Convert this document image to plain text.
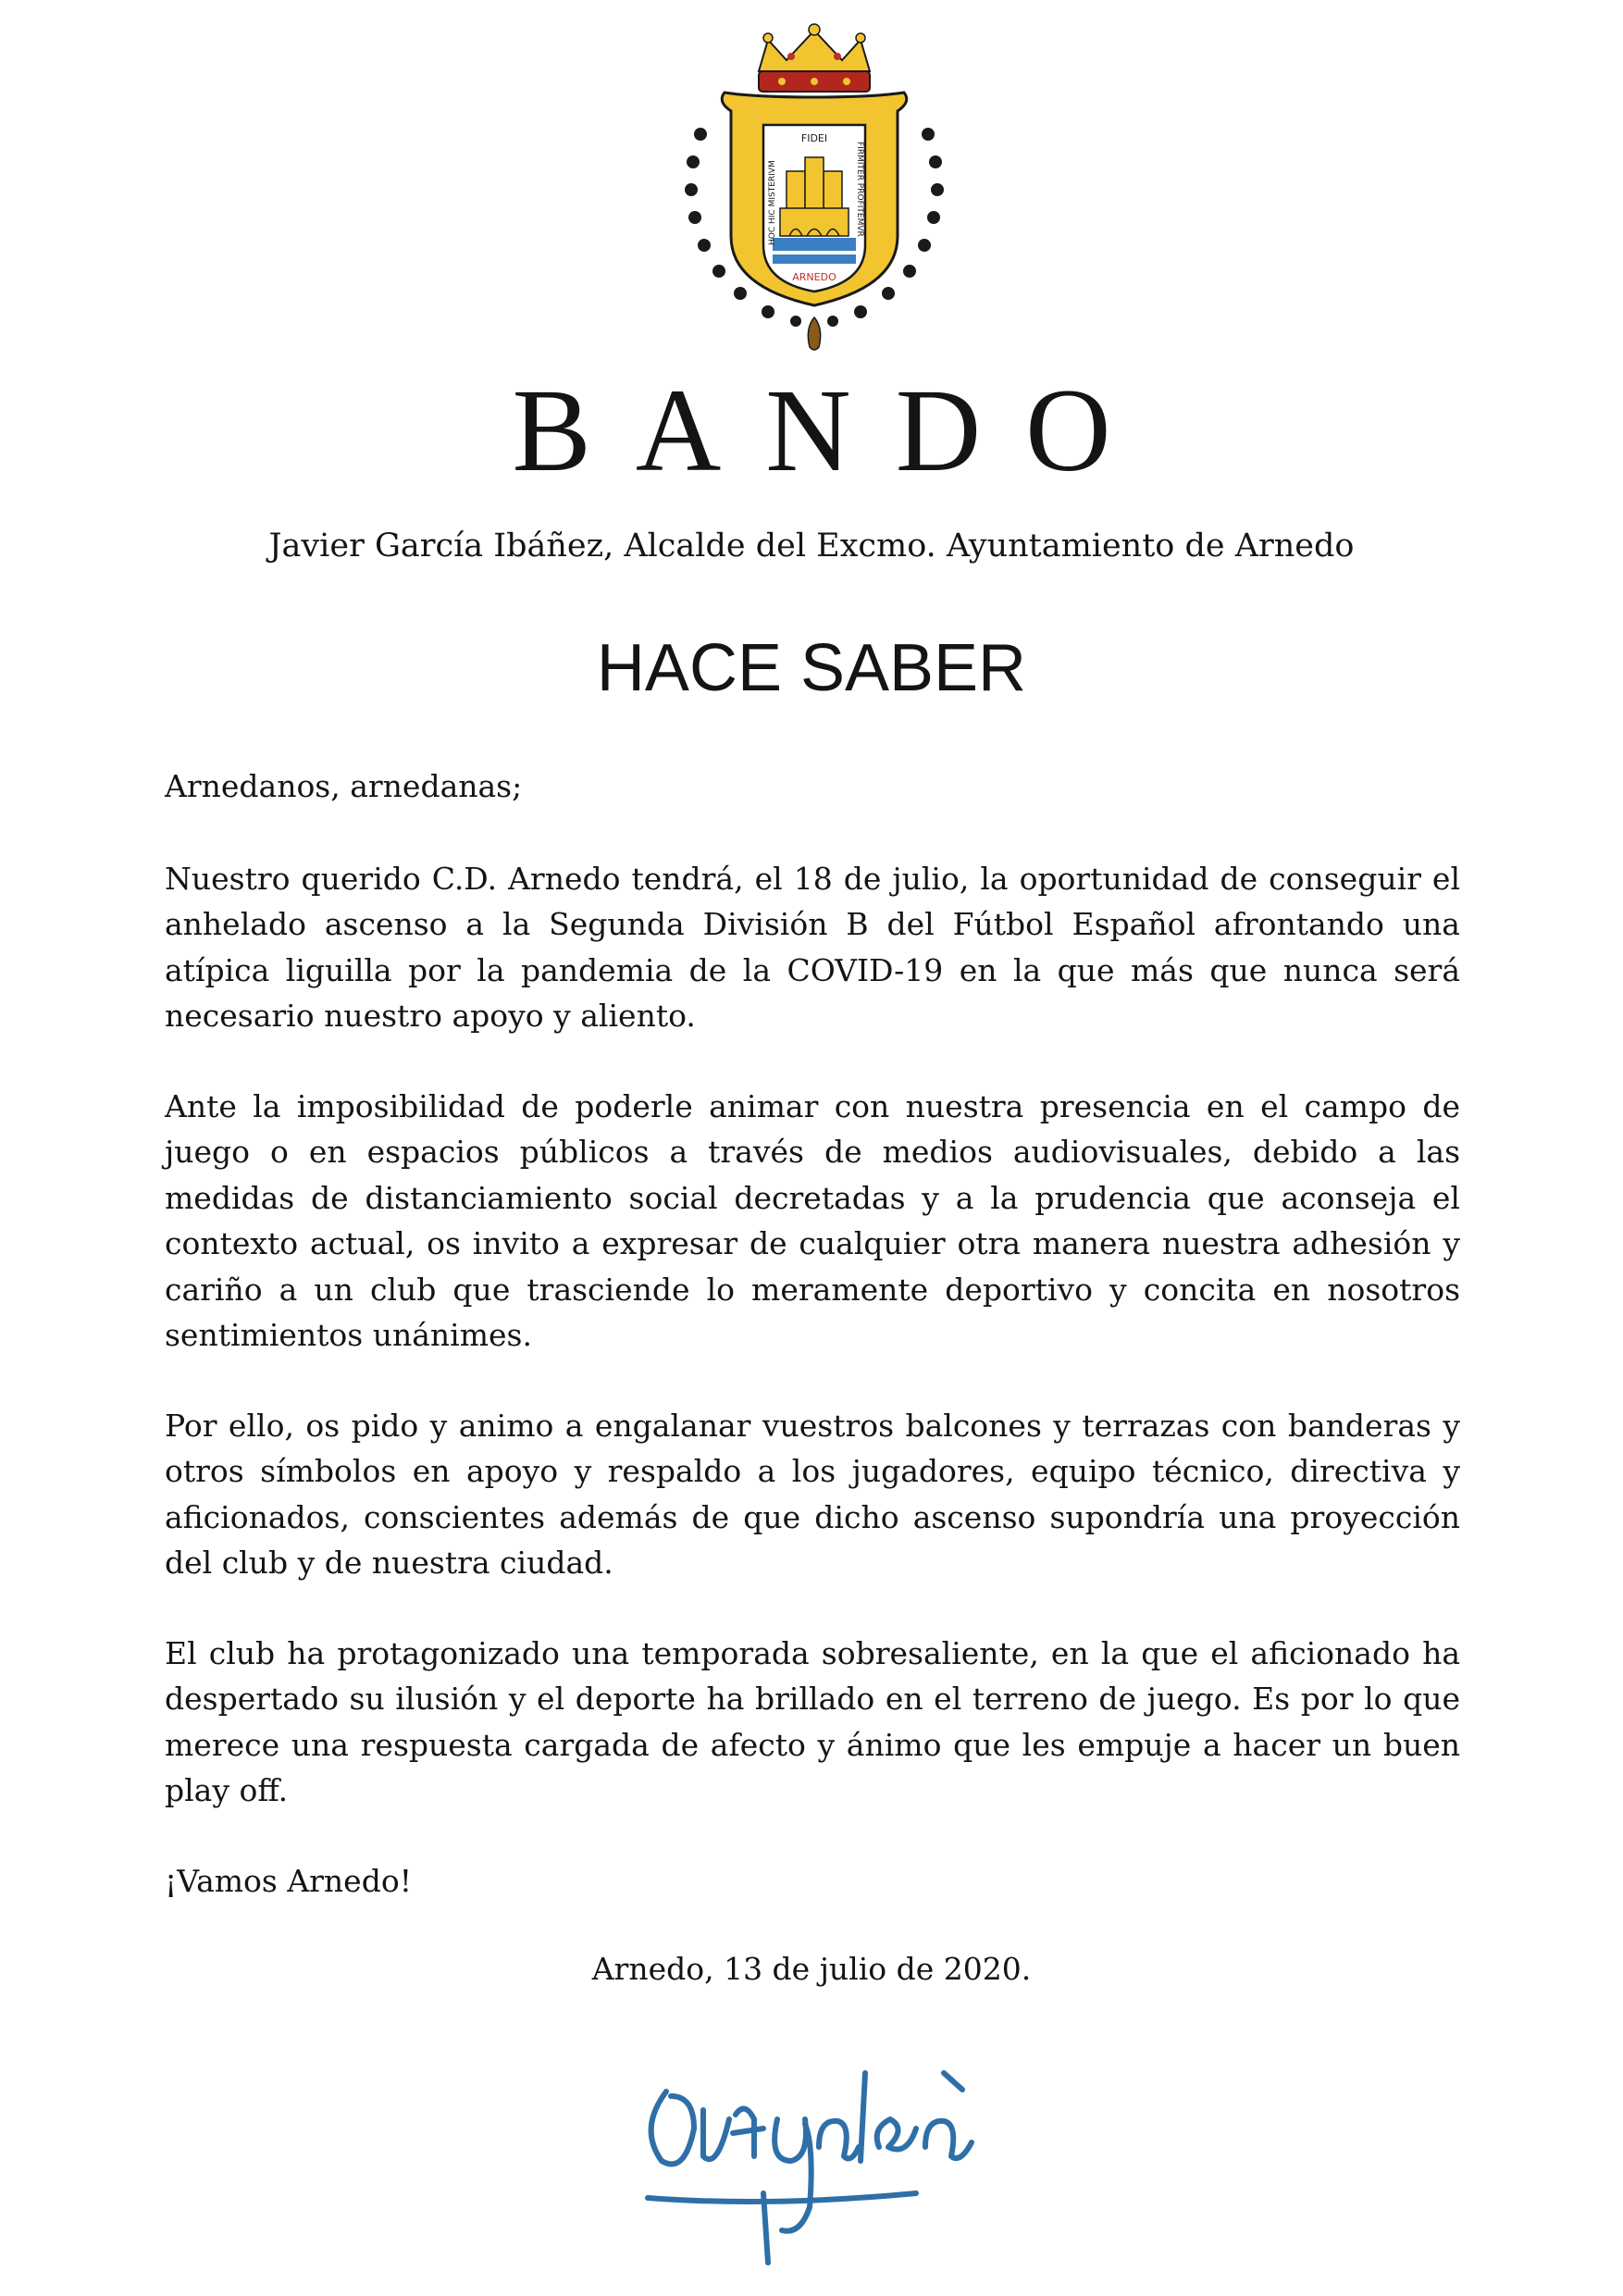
FIDEI
HOC HIC MISTERIVM	FIRMITER PROFITEMVR
ARNEDO
BANDO
Javier García Ibáñez, Alcalde del Excmo. Ayuntamiento de Arnedo
HACE SABER

Arnedanos, arnedanas;

Nuestro querido C.D. Arnedo tendrá, el 18 de julio, la oportunidad de conseguir el anhelado ascenso a la Segunda División B del Fútbol Español afrontando una atípica liguilla por la pandemia de la COVID-19 en la que más que nunca será necesario nuestro apoyo y aliento.

Ante la imposibilidad de poderle animar con nuestra presencia en el campo de juego o en espacios públicos a través de medios audiovisuales, debido a las medidas de distanciamiento social decretadas y a la prudencia que aconseja el contexto actual, os invito a expresar de cualquier otra manera nuestra adhesión y cariño a un club que trasciende lo meramente deportivo y concita en nosotros sentimientos unánimes.

Por ello, os pido y animo a engalanar vuestros balcones y terrazas con banderas y otros símbolos en apoyo y respaldo a los jugadores, equipo técnico, directiva y aficionados, conscientes además de que dicho ascenso supondría una proyección del club y de nuestra ciudad.

El club ha protagonizado una temporada sobresaliente, en la que el aficionado ha despertado su ilusión y el deporte ha brillado en el terreno de juego. Es por lo que merece una respuesta cargada de afecto y ánimo que les empuje a hacer un buen play off.

¡Vamos Arnedo!

Arnedo, 13 de julio de 2020.
